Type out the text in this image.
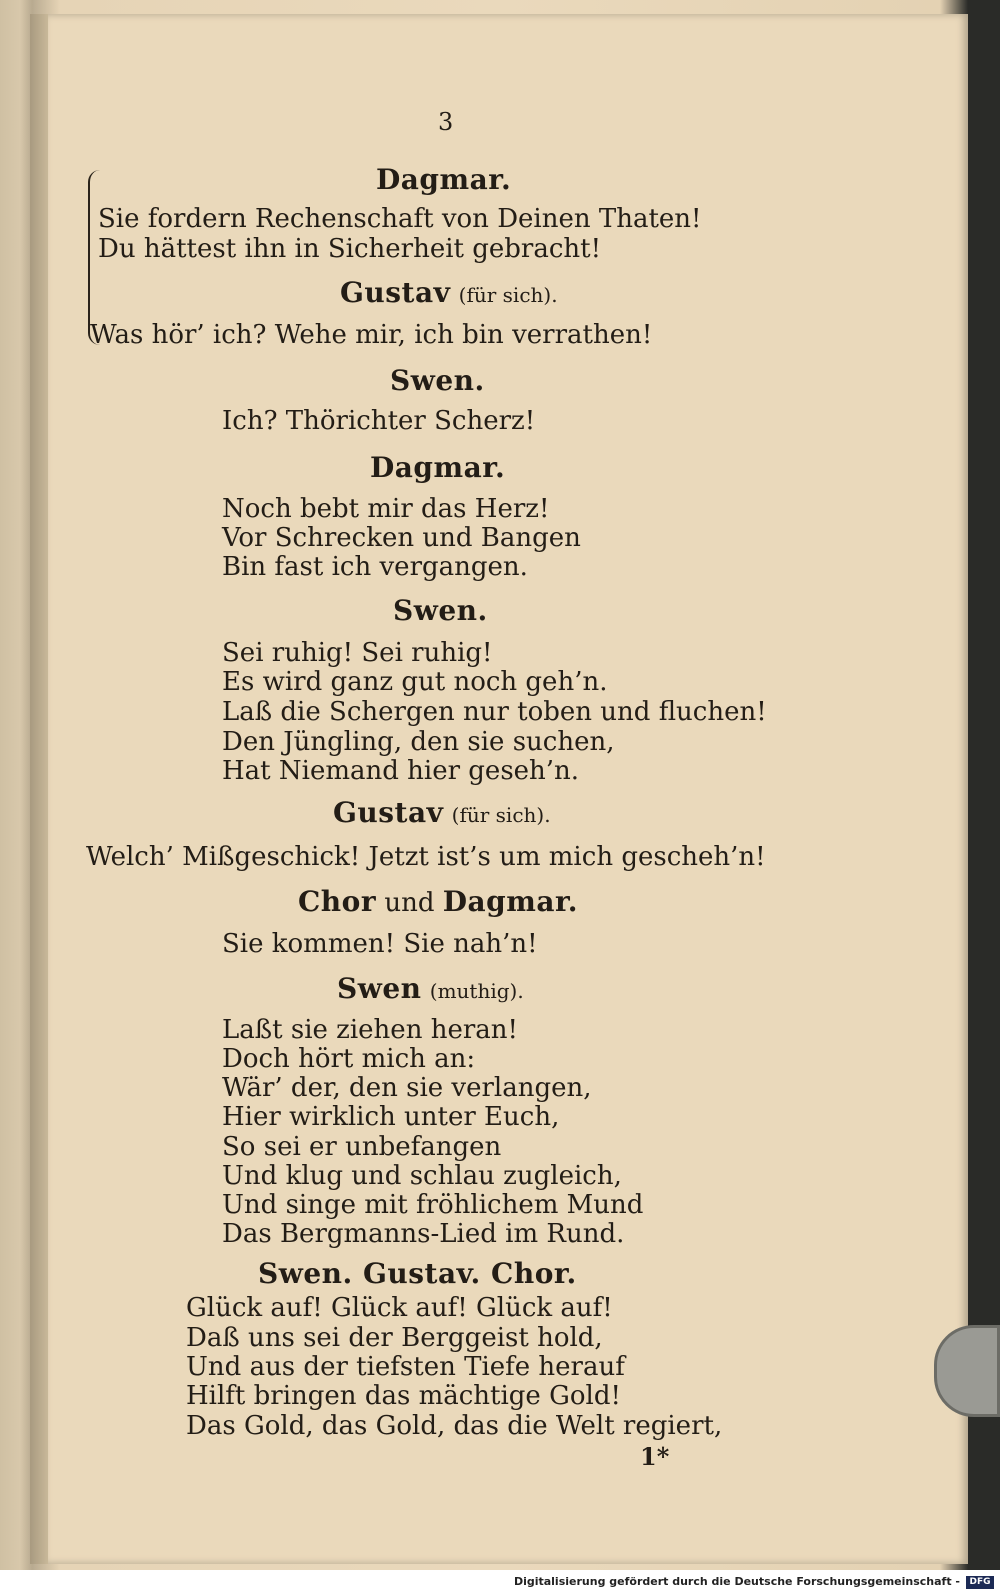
3
Dagmar.
Sie fordern Rechenschaft von Deinen Thaten!
Du hättest ihn in Sicherheit gebracht!
Gustav (für sich).
Was hör’ ich? Wehe mir, ich bin verrathen!
Swen.
Ich? Thörichter Scherz!
Dagmar.
Noch bebt mir das Herz!
Vor Schrecken und Bangen
Bin fast ich vergangen.
Swen.
Sei ruhig! Sei ruhig!
Es wird ganz gut noch geh’n.
Laß die Schergen nur toben und fluchen!
Den Jüngling, den sie suchen,
Hat Niemand hier geseh’n.
Gustav (für sich).
Welch’ Mißgeschick! Jetzt ist’s um mich gescheh’n!
Chor und Dagmar.
Sie kommen! Sie nah’n!
Swen (muthig).
Laßt sie ziehen heran!
Doch hört mich an:
Wär’ der, den sie verlangen,
Hier wirklich unter Euch,
So sei er unbefangen
Und klug und schlau zugleich,
Und singe mit fröhlichem Mund
Das Bergmanns-Lied im Rund.
Swen. Gustav. Chor.
Glück auf! Glück auf! Glück auf!
Daß uns sei der Berggeist hold,
Und aus der tiefsten Tiefe herauf
Hilft bringen das mächtige Gold!
Das Gold, das Gold, das die Welt regiert,
1*
Digitalisierung gefördert durch die Deutsche Forschungsgemeinschaft -	DFG
